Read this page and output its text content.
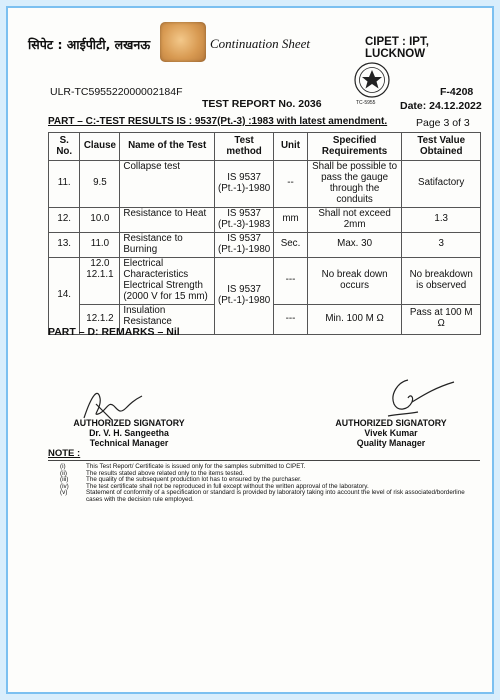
सिपेट : आईपीटी, लखनऊ	Continuation Sheet	CIPET : IPT, LUCKNOW
ULR-TC595522000002184F	F-4208
TC-5955
TEST REPORT No. 2036	Date: 24.12.2022
Page 3 of 3
PART – C:-TEST RESULTS IS : 9537(Pt.-3) :1983 with latest amendment.
S. No.	Clause	Name of the Test	Test method	Unit	Specified Requirements	Test Value Obtained
11.	9.5	Collapse test	IS 9537 (Pt.-1)-1980	--	Shall be possible to pass the gauge through the conduits	Satifactory
12.	10.0	Resistance to Heat	IS 9537 (Pt.-3)-1983	mm	Shall not exceed 2mm	1.3
13.	11.0	Resistance to Burning	IS 9537 (Pt.-1)-1980	Sec.	Max. 30	3
14.	12.0 12.1.1	Electrical Characteristics Electrical Strength (2000 V for 15 mm)	IS 9537 (Pt.-1)-1980	---	No break down occurs	No breakdown is observed
	12.1.2	Insulation Resistance		---	Min. 100 M Ω	Pass at 100 M Ω
PART – D: REMARKS – Nil
AUTHORIZED SIGNATORY
Dr. V. H. Sangeetha
Technical Manager
AUTHORIZED SIGNATORY
Vivek Kumar
Quality Manager
NOTE :
(i)	This Test Report/ Certificate is issued only for the samples submitted to CIPET.
(ii)	The results stated above related only to the items tested.
(iii)	The quality of the subsequent production lot has to ensured by the purchaser.
(iv)	The test certificate shall not be reproduced in full except without the written approval of the laboratory.
(v)	Statement of conformity of a specification or standard is provided by laboratory taking into account the level of risk associated/borderline cases with the decision rule employed.
